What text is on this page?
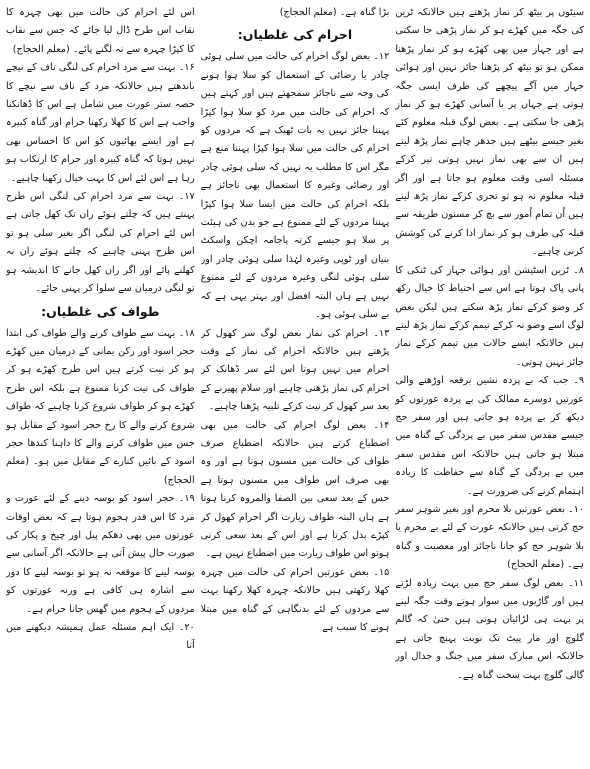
سیٹوں پر بیٹھ کر نماز پڑھتے ہیں حالانکہ ٹرین کی جگہ میں کھڑے ہو کر نماز پڑھی جا سکتی ہے اور جہاز میں بھی کھڑے ہو کر نماز پڑھنا ممکن ہو تو بیٹھ کر پڑھنا جائز نہیں اور ہوائی جہاز میں آگے پیچھے کی طرف ایسی جگہ ہوتی ہے جہاں پر با آسانی کھڑے ہو کر نماز پڑھی جا سکتی ہے۔ بعض لوگ قبلہ معلوم کئے بغیر جیسے بیٹھے ہیں جدھر چاہے نماز پڑھ لیتے ہیں ان سے بھی نماز نہیں ہوتی تیر کرکے مسئلہ اسی وقت معلوم ہو جاتا ہے اور اگر قبلہ معلوم نہ ہو تو تحری کرکے نماز پڑھ لیتے ہیں اُن تمام اُمور سے بچ کر مسنون طریقہ سے قبلہ کی طرف ہو کر نماز ادا کرنے کی کوشش کرنی چاہیے۔

۸۔ ٹرین اسٹیشن اور ہوائی جہاز کی ٹنکی کا پانی پاک ہوتا ہے اس سے احتیاط کا خیال رکھ کر وضو کرکے نماز پڑھ سکتے ہیں لیکن بعض لوگ اسے وضو نہ کرکے تیمم کرکے نماز پڑھ لیتے ہیں حالانکہ ایسے حالات میں تیمم کرکے نماز جائز نہیں ہوتی۔

۹۔ جب کہ بے پردہ نشین برقعہ اوڑھنے والی عورتیں دوسرے ممالک کی بے پردہ عورتوں کو دیکھ کر بے پردہ ہو جاتی ہیں اور سفر حج جیسے مقدس سفر میں بے پردگی کے گناہ میں مبتلا ہو جاتی ہیں حالانکہ اس مقدس سفر میں بے پردگی کے گناہ سے حفاظت کا زیادہ اہتمام کرنے کی ضرورت ہے۔

۱۰۔ بعض عورتیں بلا محرم اور بغیر شوہر سفر حج کرتی ہیں حالانکہ عورت کے لئے بے محرم یا بلا شوہر حج کو جانا ناجائز اور معصیت و گناہ ہے۔ (معلم الحجاج)

۱۱۔ بعض لوگ سفر حج میں بہت زیادہ لڑتے ہیں اور گاڑیوں میں سوار ہوتے وقت جگہ لینے پر بہت ہی لڑائیاں ہوتی ہیں حتیٰ کہ گالم گلوچ اور مار پیٹ تک نوبت پہنچ جاتی ہے حالانکہ اس مبارک سفر میں جنگ و جدال اور گالی گلوچ بہت سخت گناہ ہے۔

بڑا گناہ ہے۔ (معلم الحجاج)

احرام کی غلطیاں:

۱۲۔ بعض لوگ احرام کی حالت میں سلی ہوئی چادر یا رضائی کے استعمال کو سلا ہوا ہونے کی وجہ سے ناجائز سمجھتے ہیں اور کہتے ہیں کہ احرام کی حالت میں مرد کو سلا ہوا کپڑا پہننا جائز نہیں یہ بات ٹھیک ہے کہ مردوں کو احرام کی حالت میں سلا ہوا کپڑا پہننا منع ہے مگر اس کا مطلب یہ نہیں کہ سلی ہوئی چادر اور رضائی وغیرہ کا استعمال بھی ناجائز ہے بلکہ احرام کی حالت میں ایسا سلا ہوا کپڑا پہننا مردوں کے لئے ممنوع ہے جو بدن کی ہیئت پر سلا ہو جیسے کرتہ پاجامہ اچکن واسکٹ بنیان اور ٹوپی وغیرہ لہٰذا سلی ہوئی چادر اور سلی ہوئی لنگی وغیرہ مردوں کے لئے ممنوع نہیں ہے ہاں البتہ افضل اور بہتر یہی ہے کہ بے سلی ہوئی ہو۔

۱۳۔ احرام کی نماز بعض لوگ سر کھول کر پڑھتے ہیں حالانکہ احرام کی نماز کے وقت احرام میں نہیں ہوتا اس لئے سر ڈھانک کر احرام کی نماز پڑھنی چاہیے اور سلام پھیرنے کے بعد سر کھول کر نیت کرکے تلبیہ پڑھنا چاہیے۔

۱۴۔ بعض لوگ احرام کی حالت میں بھی اضطباع کرتے ہیں حالانکہ اضطباع صرف طواف کی حالت میں مسنون ہوتا ہے اور وہ بھی صرف اس طواف میں مسنون ہوتا ہے جس کے بعد سعی بین الصفا والمروہ کرنا ہوتا ہے ہاں البتہ طواف زیارت اگر احرام کھول کر کپڑے بدل کرتا ہے اور اس کے بعد سعی کرنی ہوتو اس طواف زیارت میں اضطباع نہیں ہے۔

۱۵۔ بعض عورتیں احرام کی حالت میں چہرہ کھلا رکھتی ہیں حالانکہ چہرہ کھلا رکھنا بہت سے مردوں کے لئے بدنگاہی کے گناہ میں مبتلا ہونے کا سبب ہے

اس لئے احرام کی حالت میں بھی چہرہ کا نقاب اس طرح ڈال لیا جائے کہ جس سے نقاب کا کپڑا چہرہ سے نہ لگنے پائے۔ (معلم الحجاج)

۱۶۔ بہت سے مرد احرام کی لنگی ناف کے نیچے باندھتے ہیں حالانکہ مرد کے ناف سے نیچے کا حصہ ستر عورت میں شامل ہے اس کا ڈھانکنا واجب ہے اس کا کھلا رکھنا حرام اور گناہ کبیرہ ہے اور ایسے بھائیوں کو اس کا احساس بھی نہیں ہوتا کہ گناہ کبیرہ اور حرام کا ارتکاب ہو رہا ہے اس لئے اس کا بہت خیال رکھنا چاہیے۔

۱۷۔ بہت سے مرد احرام کی لنگی اس طرح پہنتے ہیں کہ چلتے ہوئے ران تک کھل جاتی ہے اس لئے احرام کی لنگی اگر بغیر سلی ہو تو اس طرح پہنی چاہیے کہ چلتے ہوئے ران نہ کھلنے پائے اور اگر ران کھل جانے کا اندیشہ ہو تو لنگی درمیان سے سلوا کر پہنی جائے۔

طواف کی غلطیاں:

۱۸۔ بہت سے طواف کرنے والے طواف کی ابتدا حجر اسود اور رکن یمانی کے درمیان میں کھڑے ہو کر نیت کرتے ہیں اس طرح کھڑے ہو کر طواف کی نیت کرنا ممنوع ہے بلکہ اس طرح کھڑے ہو کر طواف شروع کرنا چاہیے کہ طواف شروع کرنے والے کا رخ حجر اسود کے مقابل ہو جس میں طواف کرنے والے کا داہنا کندھا حجر اسود کے بائیں کنارے کے مقابل میں ہو۔ (معلم الحجاج)

۱۹۔ حجر اسود کو بوسہ دینے کے لئے عورت و مرد کا اس قدر ہجوم ہوتا ہے کہ بعض اوقات عورتوں میں بھی دھکم پیل اور چیخ و پکار کی صورت حال پیش آتی ہے حالانکہ اگر آسانی سے بوسہ لینے کا موقعہ نہ ہو تو بوسہ لینے کا دور سے اشارہ ہی کافی ہے ورنہ عورتوں کو مردوں کے ہجوم میں گھس جانا حرام ہے۔

۲۰۔ ایک اہم مسئلہ عمل ہمیشہ دیکھنے میں آتا
